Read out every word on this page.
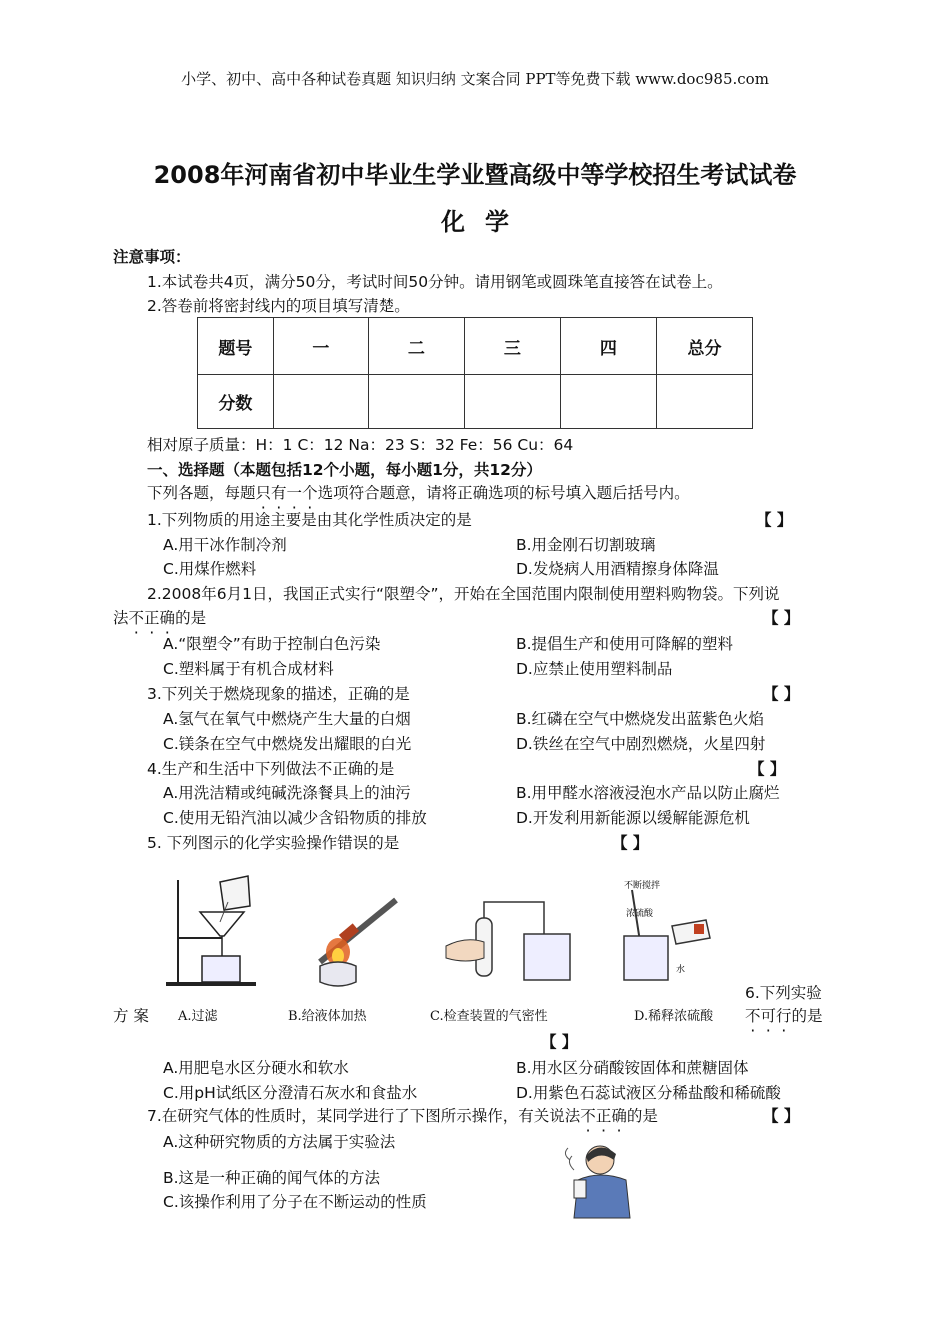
小学、初中、高中各种试卷真题 知识归纳 文案合同 PPT等免费下载 www.doc985.com
2008年河南省初中毕业生学业暨高级中等学校招生考试试卷
化 学
注意事项：
1.本试卷共4页，满分50分，考试时间50分钟。请用钢笔或圆珠笔直接答在试卷上。
2.答卷前将密封线内的项目填写清楚。
题号	一	二	三	四	总分
分数					
相对原子质量：H：1 C：12 Na：23 S：32 Fe：56 Cu：64
一、选择题（本题包括12个小题，每小题1分，共12分）
下列各题，每题只有一个选项符合题意，请将正确选项的标号填入题后括号内。
1.下列物质的用途主要是由其化学性质决定的是	【 】
A.用干冰作制冷剂	B.用金刚石切割玻璃
C.用煤作燃料	D.发烧病人用酒精擦身体降温
2.2008年6月1日，我国正式实行“限塑令”，开始在全国范围内限制使用塑料购物袋。下列说
法不正确的是	【 】
A.“限塑令”有助于控制白色污染	B.提倡生产和使用可降解的塑料
C.塑料属于有机合成材料	D.应禁止使用塑料制品
3.下列关于燃烧现象的描述，正确的是	【 】
A.氢气在氧气中燃烧产生大量的白烟	B.红磷在空气中燃烧发出蓝紫色火焰
C.镁条在空气中燃烧发出耀眼的白光	D.铁丝在空气中剧烈燃烧，火星四射
4.生产和生活中下列做法不正确的是	【 】
A.用洗洁精或纯碱洗涤餐具上的油污	B.用甲醛水溶液浸泡水产品以防止腐烂
C.使用无铅汽油以减少含铅物质的排放	D.开发利用新能源以缓解能源危机
5. 下列图示的化学实验操作错误的是	【 】
不断搅拌
浓硫酸
水
A.过滤	B.给液体加热	C.检查装置的气密性	D.稀释浓硫酸
6.下列实验
方 案	不可行的是
【 】
A.用肥皂水区分硬水和软水	B.用水区分硝酸铵固体和蔗糖固体
C.用pH试纸区分澄清石灰水和食盐水	D.用紫色石蕊试液区分稀盐酸和稀硫酸
7.在研究气体的性质时，某同学进行了下图所示操作，有关说法不正确的是	【 】
A.这种研究物质的方法属于实验法
B.这是一种正确的闻气体的方法
C.该操作利用了分子在不断运动的性质
